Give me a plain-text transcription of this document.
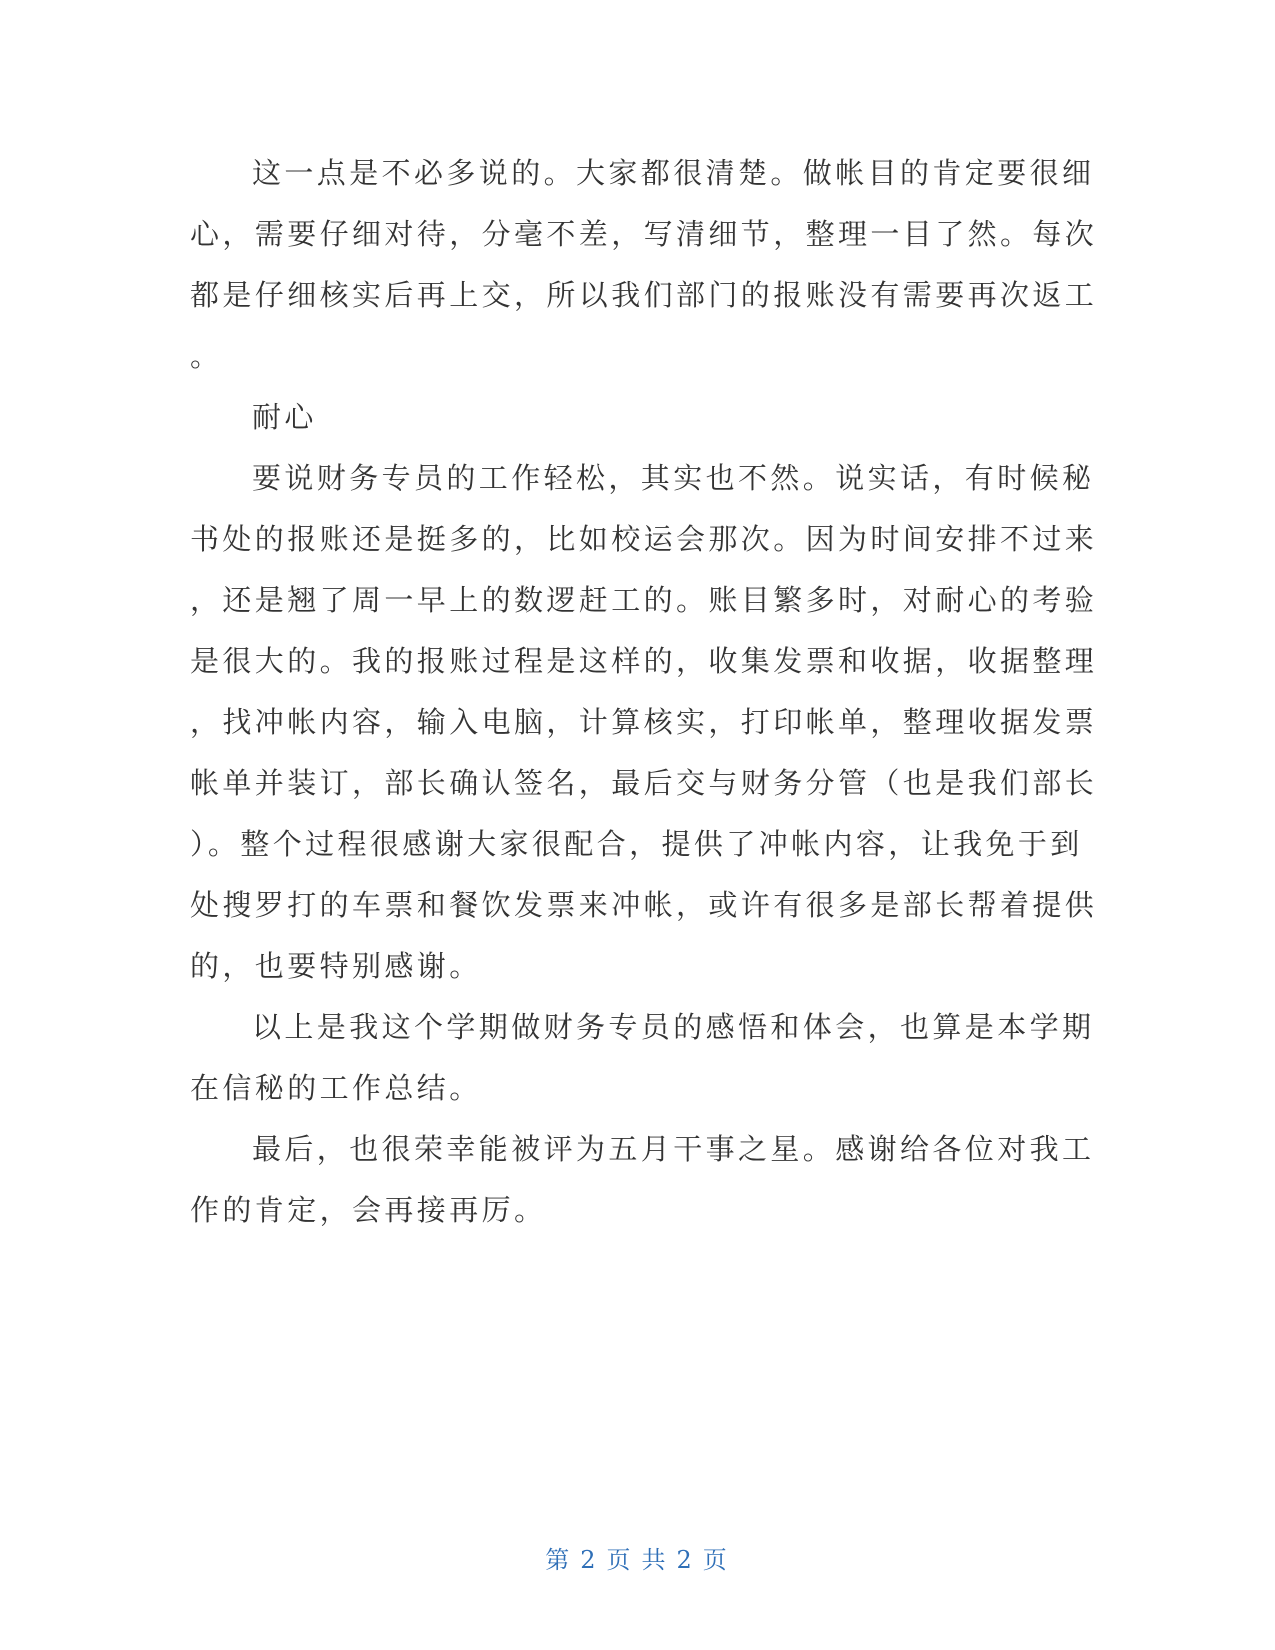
这一点是不必多说的。大家都很清楚。做帐目的肯定要很细
心，需要仔细对待，分毫不差，写清细节，整理一目了然。每次
都是仔细核实后再上交，所以我们部门的报账没有需要再次返工
。

耐心

要说财务专员的工作轻松，其实也不然。说实话，有时候秘
书处的报账还是挺多的，比如校运会那次。因为时间安排不过来
，还是翘了周一早上的数逻赶工的。账目繁多时，对耐心的考验
是很大的。我的报账过程是这样的，收集发票和收据，收据整理
，找冲帐内容，输入电脑，计算核实，打印帐单，整理收据发票
帐单并装订，部长确认签名，最后交与财务分管（也是我们部长
）。整个过程很感谢大家很配合，提供了冲帐内容，让我免于到
处搜罗打的车票和餐饮发票来冲帐，或许有很多是部长帮着提供
的，也要特别感谢。

以上是我这个学期做财务专员的感悟和体会，也算是本学期
在信秘的工作总结。

最后，也很荣幸能被评为五月干事之星。感谢给各位对我工
作的肯定，会再接再厉。

第 2 页 共 2 页
